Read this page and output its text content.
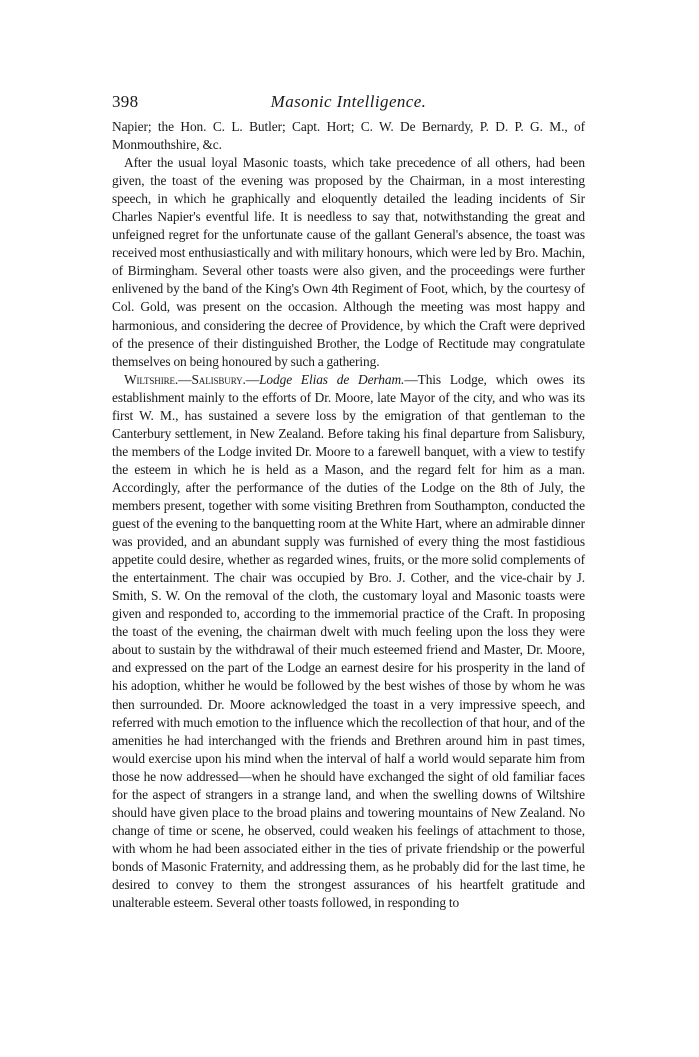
398	Masonic Intelligence.

Napier; the Hon. C. L. Butler; Capt. Hort; C. W. De Bernardy, P. D. P. G. M., of Monmouthshire, &c.

After the usual loyal Masonic toasts, which take precedence of all others, had been given, the toast of the evening was proposed by the Chairman, in a most interesting speech, in which he graphically and eloquently detailed the leading incidents of Sir Charles Napier's eventful life. It is needless to say that, notwithstanding the great and unfeigned regret for the unfortunate cause of the gallant General's absence, the toast was received most enthusiastically and with military honours, which were led by Bro. Machin, of Birmingham. Several other toasts were also given, and the proceedings were further enlivened by the band of the King's Own 4th Regiment of Foot, which, by the courtesy of Col. Gold, was present on the occasion. Although the meeting was most happy and harmonious, and considering the decree of Providence, by which the Craft were deprived of the presence of their distinguished Brother, the Lodge of Rectitude may congratulate themselves on being honoured by such a gathering.

Wiltshire.—Salisbury.—Lodge Elias de Derham.—This Lodge, which owes its establishment mainly to the efforts of Dr. Moore, late Mayor of the city, and who was its first W. M., has sustained a severe loss by the emigration of that gentleman to the Canterbury settlement, in New Zealand. Before taking his final departure from Salisbury, the members of the Lodge invited Dr. Moore to a farewell banquet, with a view to testify the esteem in which he is held as a Mason, and the regard felt for him as a man. Accordingly, after the performance of the duties of the Lodge on the 8th of July, the members present, together with some visiting Brethren from Southampton, conducted the guest of the evening to the banquetting room at the White Hart, where an admirable dinner was provided, and an abundant supply was furnished of every thing the most fastidious appetite could desire, whether as regarded wines, fruits, or the more solid complements of the entertainment. The chair was occupied by Bro. J. Cother, and the vice-chair by J. Smith, S. W. On the removal of the cloth, the customary loyal and Masonic toasts were given and responded to, according to the immemorial practice of the Craft. In proposing the toast of the evening, the chairman dwelt with much feeling upon the loss they were about to sustain by the withdrawal of their much esteemed friend and Master, Dr. Moore, and expressed on the part of the Lodge an earnest desire for his prosperity in the land of his adoption, whither he would be followed by the best wishes of those by whom he was then surrounded. Dr. Moore acknowledged the toast in a very impressive speech, and referred with much emotion to the influence which the recollection of that hour, and of the amenities he had interchanged with the friends and Brethren around him in past times, would exercise upon his mind when the interval of half a world would separate him from those he now addressed—when he should have exchanged the sight of old familiar faces for the aspect of strangers in a strange land, and when the swelling downs of Wiltshire should have given place to the broad plains and towering mountains of New Zealand. No change of time or scene, he observed, could weaken his feelings of attachment to those, with whom he had been associated either in the ties of private friendship or the powerful bonds of Masonic Fraternity, and addressing them, as he probably did for the last time, he desired to convey to them the strongest assurances of his heartfelt gratitude and unalterable esteem. Several other toasts followed, in responding to
